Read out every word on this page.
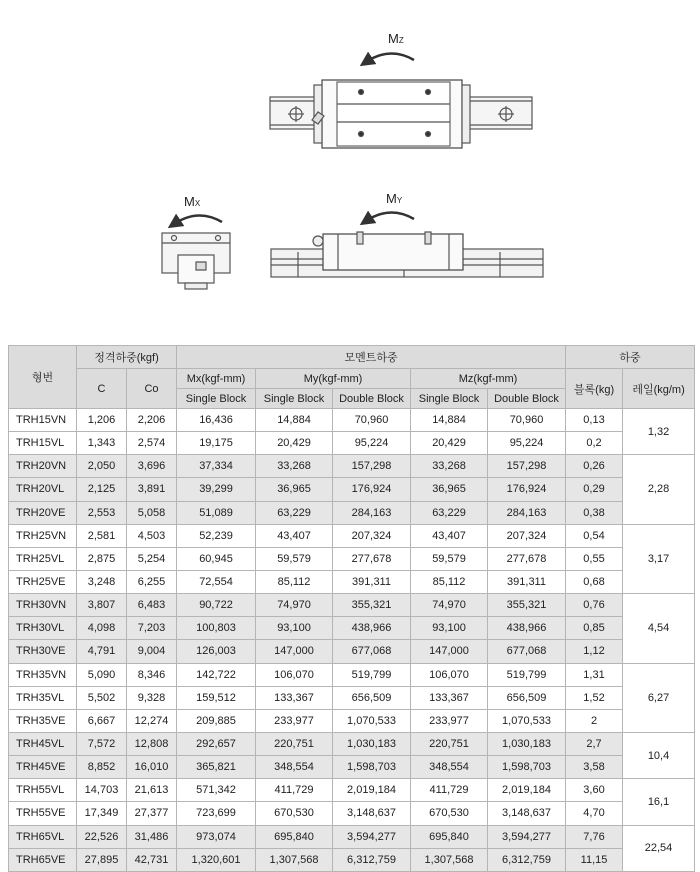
MZ
MX	MY
형번	정격하중(kgf)		모멘트하중					하중	
	C	Co	Mx(kgf-mm)	My(kgf-mm)		Mz(kgf-mm)		블록(kg)	레일(kg/m)
			Single Block	Single Block	Double Block	Single Block	Double Block		
TRH15VN	1,206	2,206	16,436	14,884	70,960	14,884	70,960	0,13	1,32
TRH15VL	1,343	2,574	19,175	20,429	95,224	20,429	95,224	0,2	
TRH20VN	2,050	3,696	37,334	33,268	157,298	33,268	157,298	0,26	2,28
TRH20VL	2,125	3,891	39,299	36,965	176,924	36,965	176,924	0,29	
TRH20VE	2,553	5,058	51,089	63,229	284,163	63,229	284,163	0,38	
TRH25VN	2,581	4,503	52,239	43,407	207,324	43,407	207,324	0,54	3,17
TRH25VL	2,875	5,254	60,945	59,579	277,678	59,579	277,678	0,55	
TRH25VE	3,248	6,255	72,554	85,112	391,311	85,112	391,311	0,68	
TRH30VN	3,807	6,483	90,722	74,970	355,321	74,970	355,321	0,76	4,54
TRH30VL	4,098	7,203	100,803	93,100	438,966	93,100	438,966	0,85	
TRH30VE	4,791	9,004	126,003	147,000	677,068	147,000	677,068	1,12	
TRH35VN	5,090	8,346	142,722	106,070	519,799	106,070	519,799	1,31	6,27
TRH35VL	5,502	9,328	159,512	133,367	656,509	133,367	656,509	1,52	
TRH35VE	6,667	12,274	209,885	233,977	1,070,533	233,977	1,070,533	2	
TRH45VL	7,572	12,808	292,657	220,751	1,030,183	220,751	1,030,183	2,7	10,4
TRH45VE	8,852	16,010	365,821	348,554	1,598,703	348,554	1,598,703	3,58	
TRH55VL	14,703	21,613	571,342	411,729	2,019,184	411,729	2,019,184	3,60	16,1
TRH55VE	17,349	27,377	723,699	670,530	3,148,637	670,530	3,148,637	4,70	
TRH65VL	22,526	31,486	973,074	695,840	3,594,277	695,840	3,594,277	7,76	22,54
TRH65VE	27,895	42,731	1,320,601	1,307,568	6,312,759	1,307,568	6,312,759	11,15	
